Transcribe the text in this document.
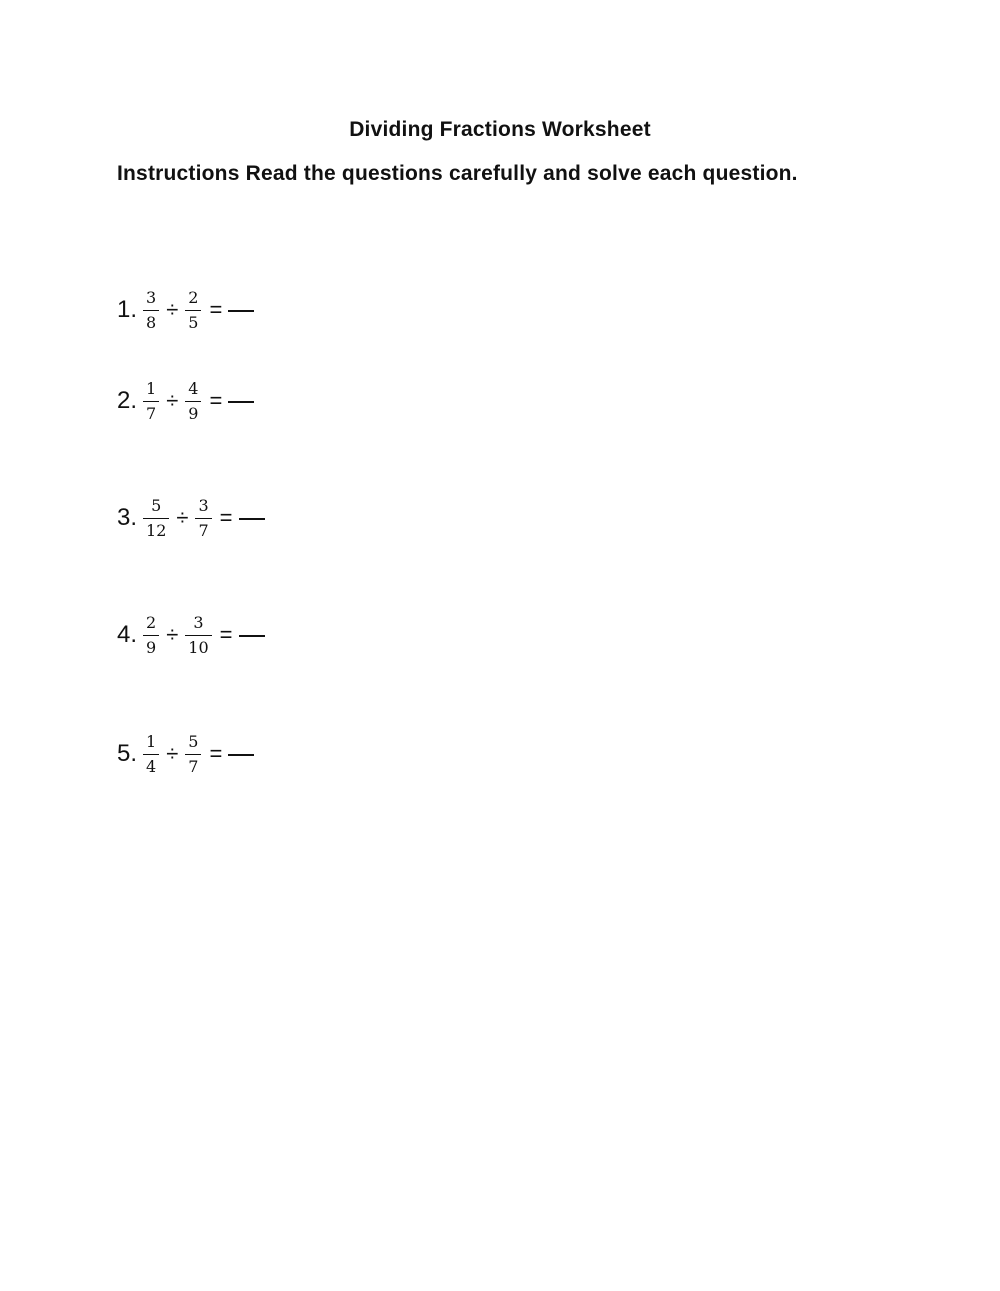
Dividing Fractions Worksheet
Instructions Read the questions carefully and solve each question.
1. $\frac{3}{8} \div \frac{2}{5}$ =
2. $\frac{1}{7} \div \frac{4}{9}$ =
3. $\frac{5}{12} \div \frac{3}{7}$ =
4. $\frac{2}{9} \div \frac{3}{10}$ =
5. $\frac{1}{4} \div \frac{5}{7}$ =
